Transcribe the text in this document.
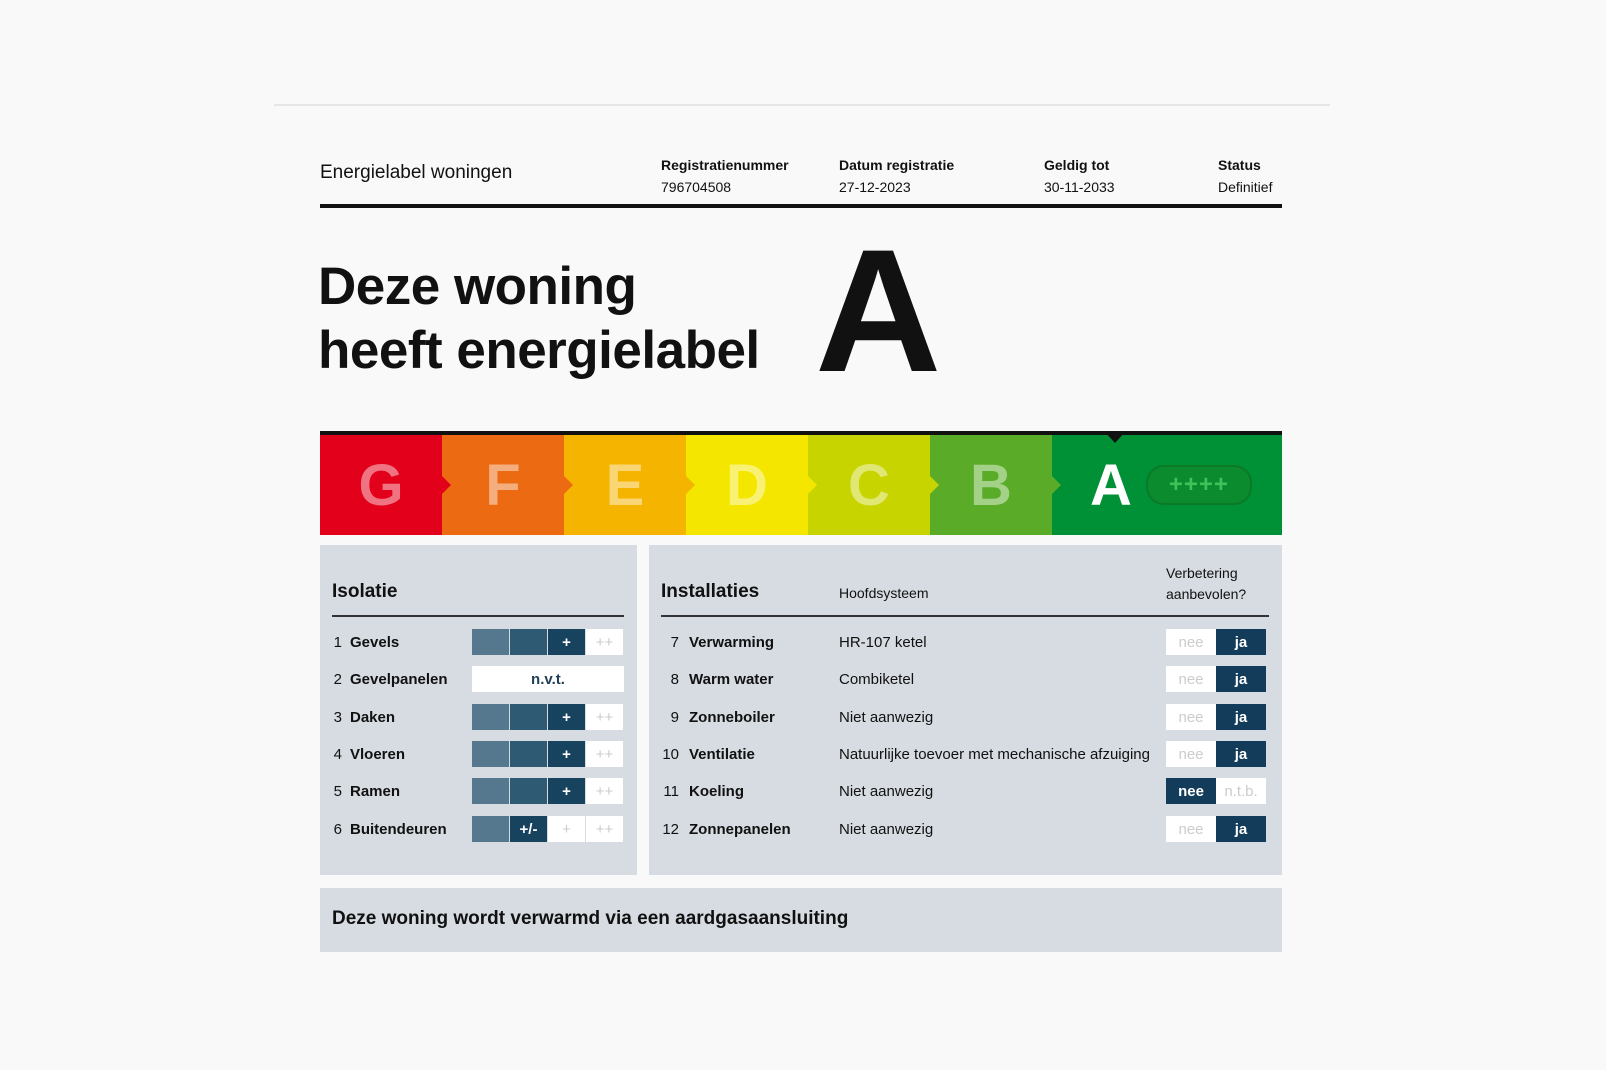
Energielabel woningen	Registratienummer
796704508
Datum registratie
27-12-2023
Geldig tot
30-11-2033
Status
Definitief
Deze woning
heeft energielabel A
G F E D C B A	++++
Isolatie
1 Gevels	+	++
2 Gevelpanelen	n.v.t.
3 Daken	+	++
4 Vloeren	+	++
5 Ramen	+	++
6 Buitendeuren	+/-	+	++
Installaties	Hoofdsysteem
Verbetering
aanbevolen?
7 Verwarming	HR-107 ketel	nee	ja
8 Warm water	Combiketel	nee	ja
9 Zonneboiler	Niet aanwezig	nee	ja
10 Ventilatie	Natuurlijke toevoer met mechanische afzuiging	nee	ja
11 Koeling	Niet aanwezig	nee	n.t.b.
12 Zonnepanelen	Niet aanwezig	nee	ja
Deze woning wordt verwarmd via een aardgasaansluiting
